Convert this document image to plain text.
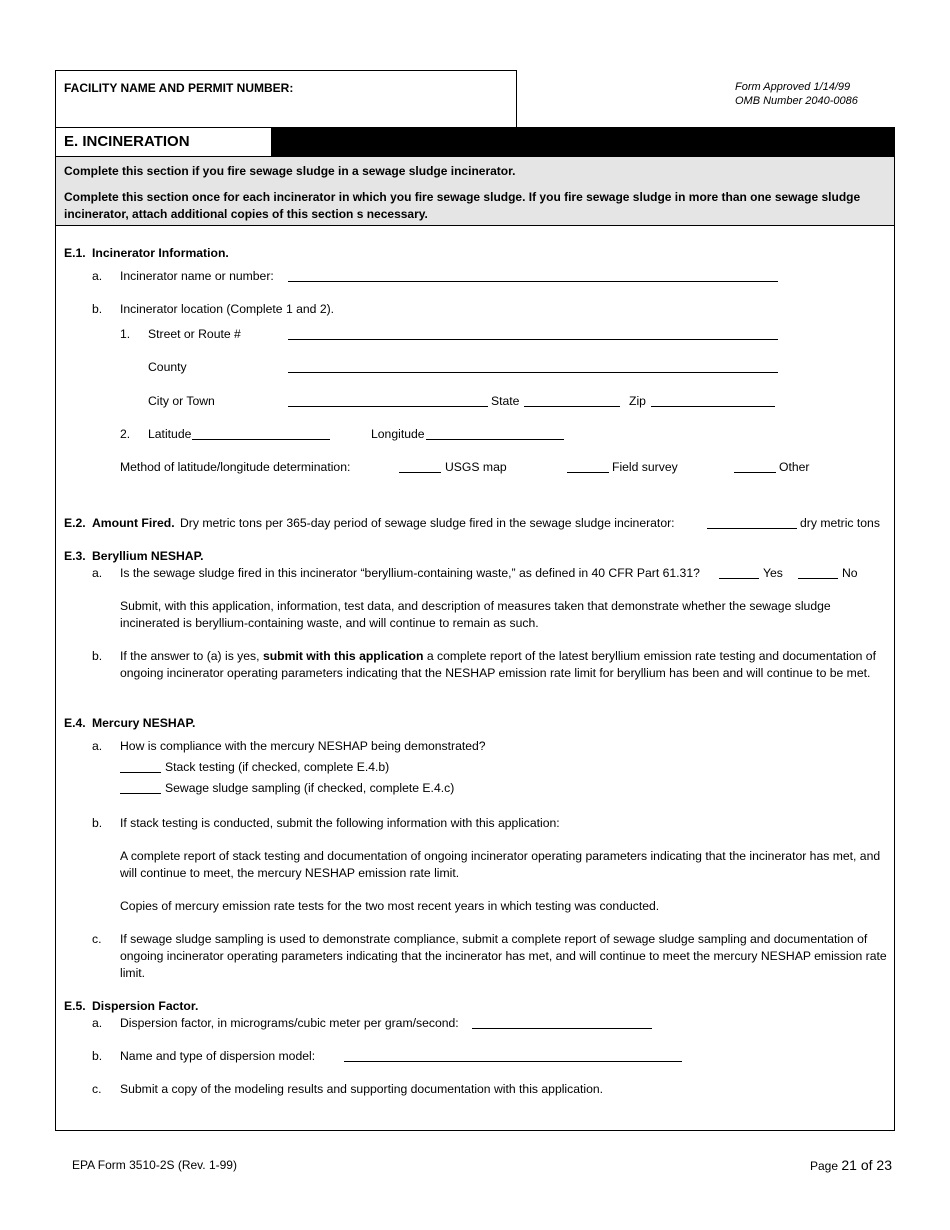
FACILITY NAME AND PERMIT NUMBER:	Form Approved 1/14/99
OMB Number 2040-0086
E. INCINERATION
Complete this section if you fire sewage sludge in a sewage sludge incinerator.
Complete this section once for each incinerator in which you fire sewage sludge. If you fire sewage sludge in more than one sewage sludge incinerator, attach additional copies of this section s necessary.
E.1. Incinerator Information.
a. Incinerator name or number:
b. Incinerator location (Complete 1 and 2).
1. Street or Route #
County
City or Town	State	Zip
2. Latitude	Longitude
Method of latitude/longitude determination:	USGS map	Field survey	Other
E.2. Amount Fired. Dry metric tons per 365-day period of sewage sludge fired in the sewage sludge incinerator:	dry metric tons
E.3. Beryllium NESHAP.
a. Is the sewage sludge fired in this incinerator “beryllium-containing waste,” as defined in 40 CFR Part 61.31?	Yes	No
Submit, with this application, information, test data, and description of measures taken that demonstrate whether the sewage sludge incinerated is beryllium-containing waste, and will continue to remain as such.
b. If the answer to (a) is yes, submit with this application a complete report of the latest beryllium emission rate testing and documentation of ongoing incinerator operating parameters indicating that the NESHAP emission rate limit for beryllium has been and will continue to be met.
E.4. Mercury NESHAP.
a. How is compliance with the mercury NESHAP being demonstrated?
Stack testing (if checked, complete E.4.b)
Sewage sludge sampling (if checked, complete E.4.c)
b. If stack testing is conducted, submit the following information with this application:
A complete report of stack testing and documentation of ongoing incinerator operating parameters indicating that the incinerator has met, and will continue to meet, the mercury NESHAP emission rate limit.
Copies of mercury emission rate tests for the two most recent years in which testing was conducted.
c. If sewage sludge sampling is used to demonstrate compliance, submit a complete report of sewage sludge sampling and documentation of ongoing incinerator operating parameters indicating that the incinerator has met, and will continue to meet the mercury NESHAP emission rate limit.
E.5. Dispersion Factor.
a. Dispersion factor, in micrograms/cubic meter per gram/second:
b. Name and type of dispersion model:
c. Submit a copy of the modeling results and supporting documentation with this application.
EPA Form 3510-2S (Rev. 1-99)	Page 21 of 23
